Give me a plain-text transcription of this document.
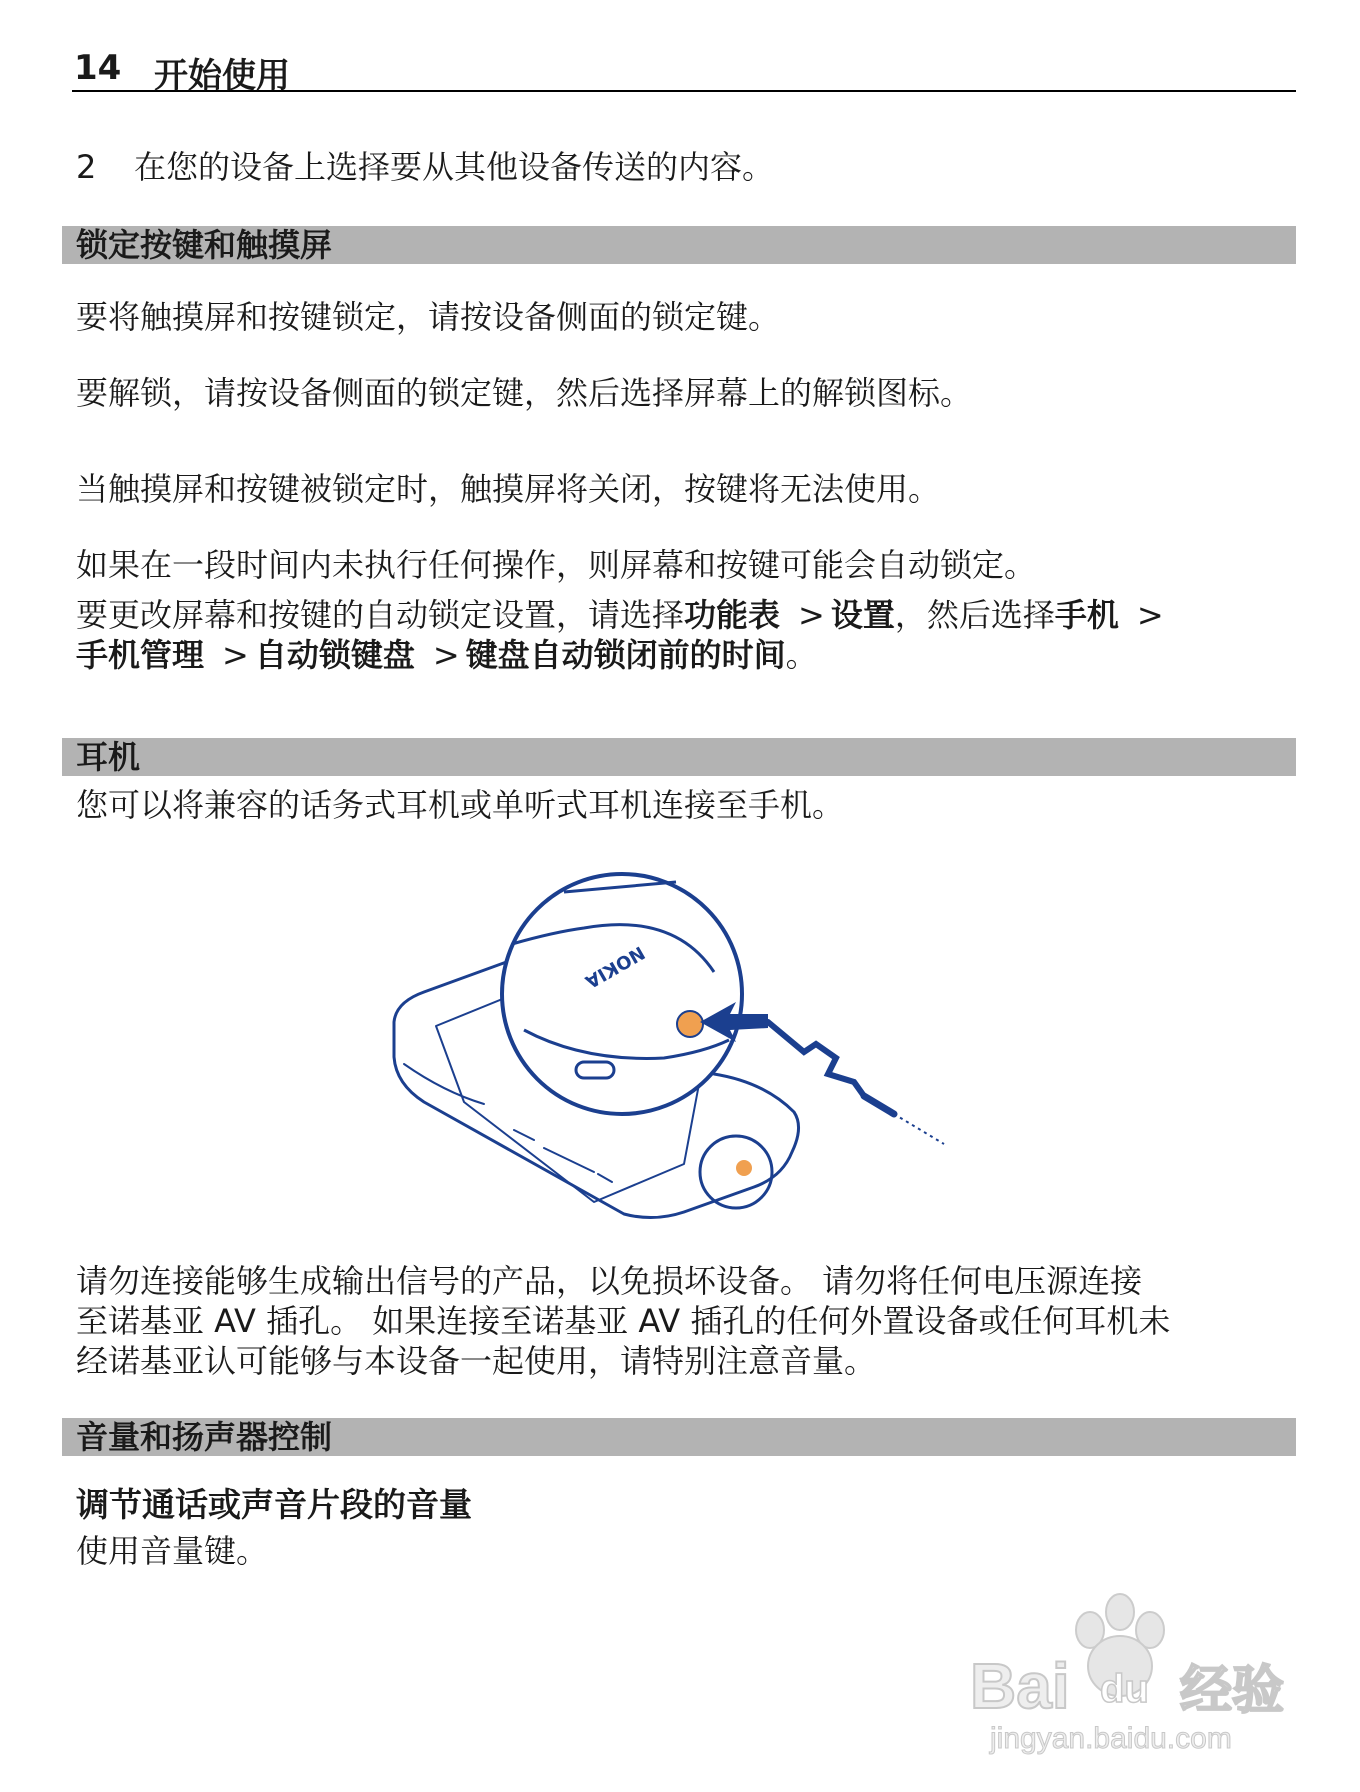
14 开始使用
2 在您的设备上选择要从其他设备传送的内容。
锁定按键和触摸屏
要将触摸屏和按键锁定，请按设备侧面的锁定键。
要解锁，请按设备侧面的锁定键，然后选择屏幕上的解锁图标。
当触摸屏和按键被锁定时，触摸屏将关闭，按键将无法使用。
如果在一段时间内未执行任何操作，则屏幕和按键可能会自动锁定。
要更改屏幕和按键的自动锁定设置，请选择功能表 > 设置，然后选择手机 >
手机管理 > 自动锁键盘 > 键盘自动锁闭前的时间。
耳机
您可以将兼容的话务式耳机或单听式耳机连接至手机。
NOKIA
请勿连接能够生成输出信号的产品，以免损坏设备。 请勿将任何电压源连接
至诺基亚 AV 插孔。 如果连接至诺基亚 AV 插孔的任何外置设备或任何耳机未
经诺基亚认可能够与本设备一起使用，请特别注意音量。
音量和扬声器控制
调节通话或声音片段的音量
使用音量键。
Bai du 经验
jingyan.baidu.com
